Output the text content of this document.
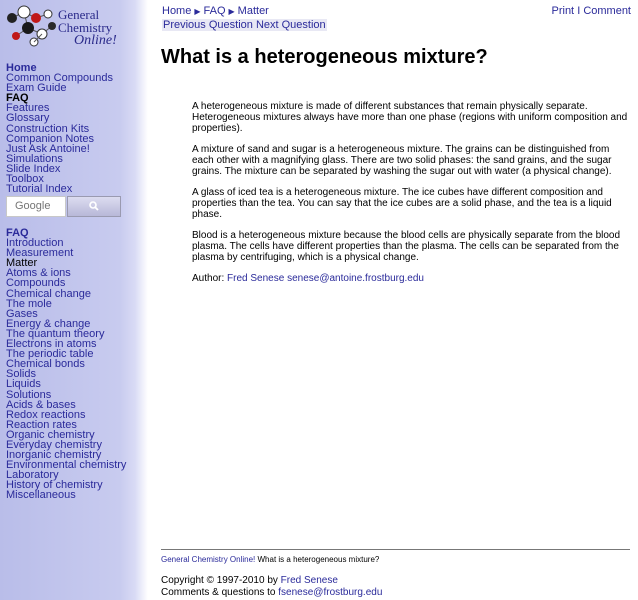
General
Chemistry
Online!
Home
Common Compounds
Exam Guide
FAQ
Features
Glossary
Construction Kits
Companion Notes
Just Ask Antoine!
Simulations
Slide Index
Toolbox
Tutorial Index
Google
FAQ
Introduction
Measurement
Matter
Atoms & ions
Compounds
Chemical change
The mole
Gases
Energy & change
The quantum theory
Electrons in atoms
The periodic table
Chemical bonds
Solids
Liquids
Solutions
Acids & bases
Redox reactions
Reaction rates
Organic chemistry
Everyday chemistry
Inorganic chemistry
Environmental chemistry
Laboratory
History of chemistry
Miscellaneous
Home ▶ FAQ ▶ Matter
Previous Question Next Question
Print I Comment
What is a heterogeneous mixture?

A heterogeneous mixture is made of different substances that remain physically separate. Heterogeneous mixtures always have more than one phase (regions with uniform composition and properties).

A mixture of sand and sugar is a heterogeneous mixture. The grains can be distinguished from each other with a magnifying glass. There are two solid phases: the sand grains, and the sugar grains. The mixture can be separated by washing the sugar out with water (a physical change).

A glass of iced tea is a heterogeneous mixture. The ice cubes have different composition and properties than the tea. You can say that the ice cubes are a solid phase, and the tea is a liquid phase.

Blood is a heterogeneous mixture because the blood cells are physically separate from the blood plasma. The cells have different properties than the plasma. The cells can be separated from the plasma by centrifuging, which is a physical change.

Author: Fred Senese senese@antoine.frostburg.edu
General Chemistry Online! What is a heterogeneous mixture?
Copyright © 1997-2010 by Fred Senese
Comments & questions to fsenese@frostburg.edu
